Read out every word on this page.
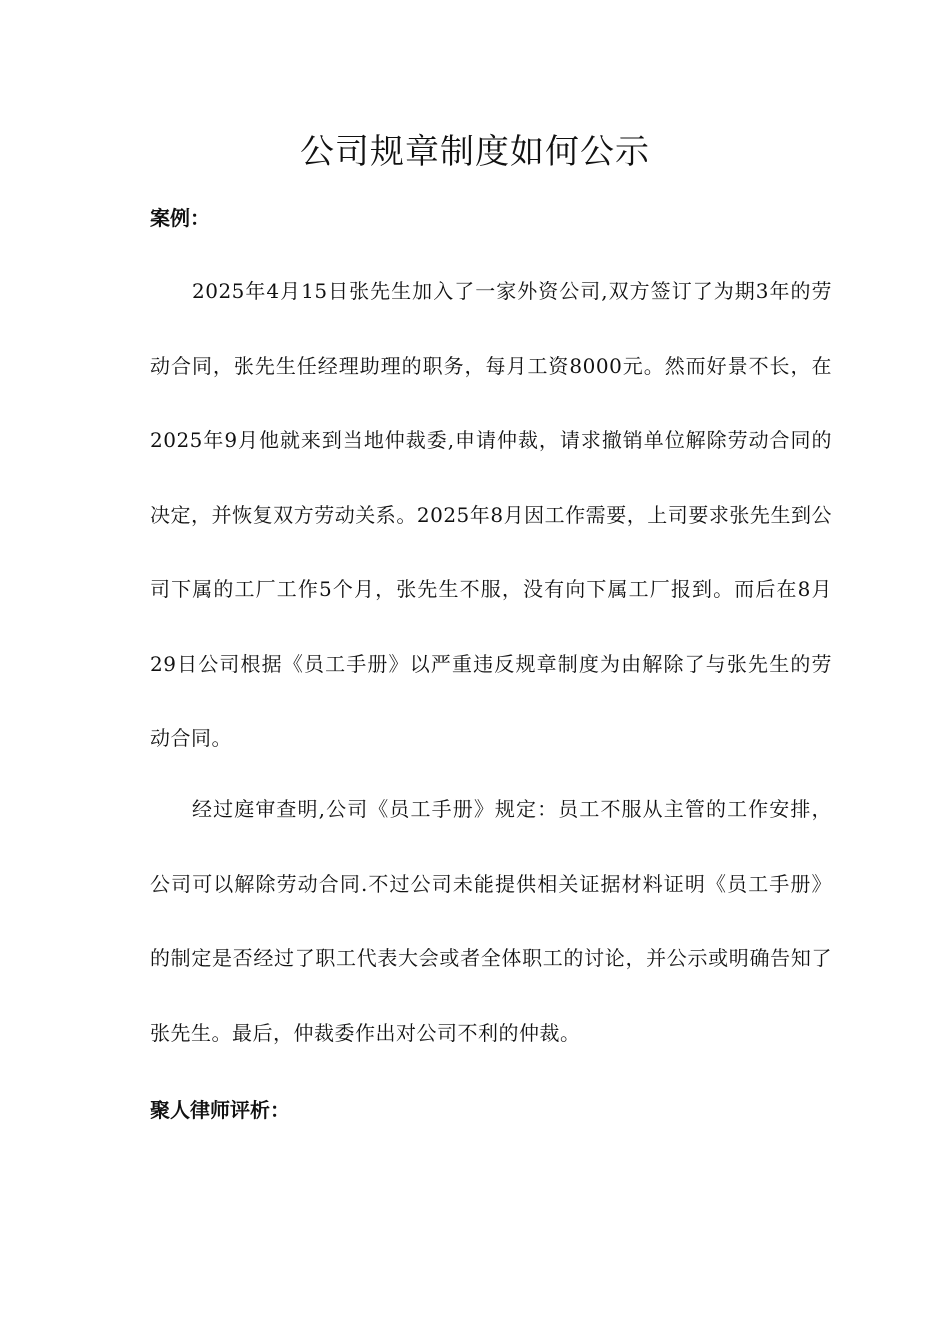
公司规章制度如何公示
案例：

2025年4月15日张先生加入了一家外资公司,双方签订了为期3年的劳动合同，张先生任经理助理的职务，每月工资8000元。然而好景不长，在2025年9月他就来到当地仲裁委,申请仲裁，请求撤销单位解除劳动合同的决定，并恢复双方劳动关系。2025年8月因工作需要，上司要求张先生到公司下属的工厂工作5个月，张先生不服，没有向下属工厂报到。而后在8月29日公司根据《员工手册》以严重违反规章制度为由解除了与张先生的劳动合同。

经过庭审查明,公司《员工手册》规定：员工不服从主管的工作安排，公司可以解除劳动合同.不过公司未能提供相关证据材料证明《员工手册》的制定是否经过了职工代表大会或者全体职工的讨论，并公示或明确告知了张先生。最后，仲裁委作出对公司不利的仲裁。

聚人律师评析：
